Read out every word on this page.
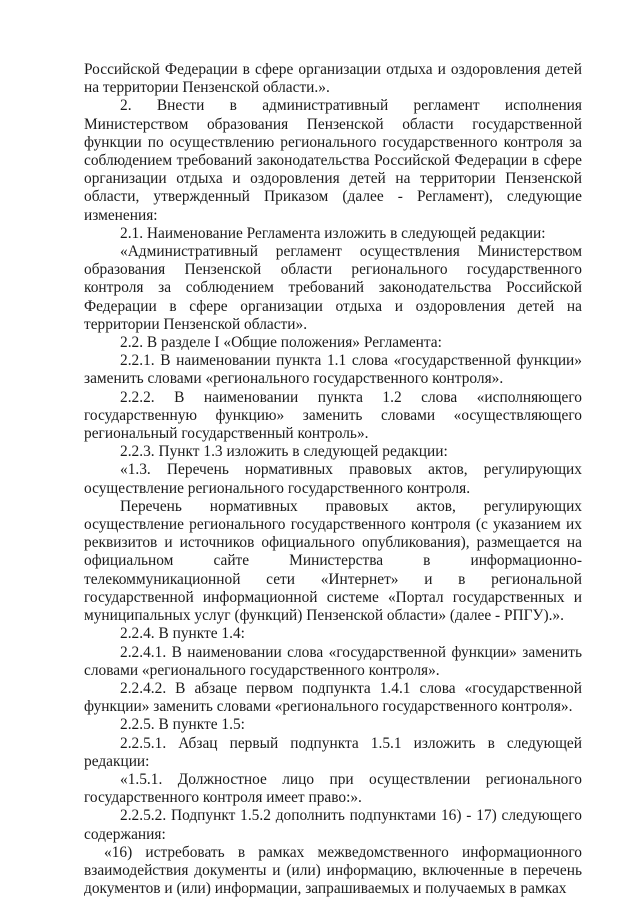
Российской Федерации в сфере организации отдыха и оздоровления детей на территории Пензенской области.».

2. Внести в административный регламент исполнения Министерством образования Пензенской области государственной функции по осуществлению регионального государственного контроля за соблюдением требований законодательства Российской Федерации в сфере организации отдыха и оздоровления детей на территории Пензенской области, утвержденный Приказом (далее - Регламент), следующие изменения:

2.1. Наименование Регламента изложить в следующей редакции:

«Административный регламент осуществления Министерством образования Пензенской области регионального государственного контроля за соблюдением требований законодательства Российской Федерации в сфере организации отдыха и оздоровления детей на территории Пензенской области».

2.2. В разделе I «Общие положения» Регламента:

2.2.1. В наименовании пункта 1.1 слова «государственной функции» заменить словами «регионального государственного контроля».

2.2.2. В наименовании пункта 1.2 слова «исполняющего государственную функцию» заменить словами «осуществляющего региональный государственный контроль».

2.2.3. Пункт 1.3 изложить в следующей редакции:

«1.3. Перечень нормативных правовых актов, регулирующих осуществление регионального государственного контроля.

Перечень нормативных правовых актов, регулирующих осуществление регионального государственного контроля (с указанием их реквизитов и источников официального опубликования), размещается на официальном сайте Министерства в информационно-телекоммуникационной сети «Интернет» и в региональной государственной информационной системе «Портал государственных и муниципальных услуг (функций) Пензенской области» (далее - РПГУ).».

2.2.4. В пункте 1.4:

2.2.4.1. В наименовании слова «государственной функции» заменить словами «регионального государственного контроля».

2.2.4.2. В абзаце первом подпункта 1.4.1 слова «государственной функции» заменить словами «регионального государственного контроля».

2.2.5. В пункте 1.5:

2.2.5.1. Абзац первый подпункта 1.5.1 изложить в следующей редакции:

«1.5.1. Должностное лицо при осуществлении регионального государственного контроля имеет право:».

2.2.5.2. Подпункт 1.5.2 дополнить подпунктами 16) - 17) следующего содержания:

«16) истребовать в рамках межведомственного информационного взаимодействия документы и (или) информацию, включенные в перечень документов и (или) информации, запрашиваемых и получаемых в рамках
